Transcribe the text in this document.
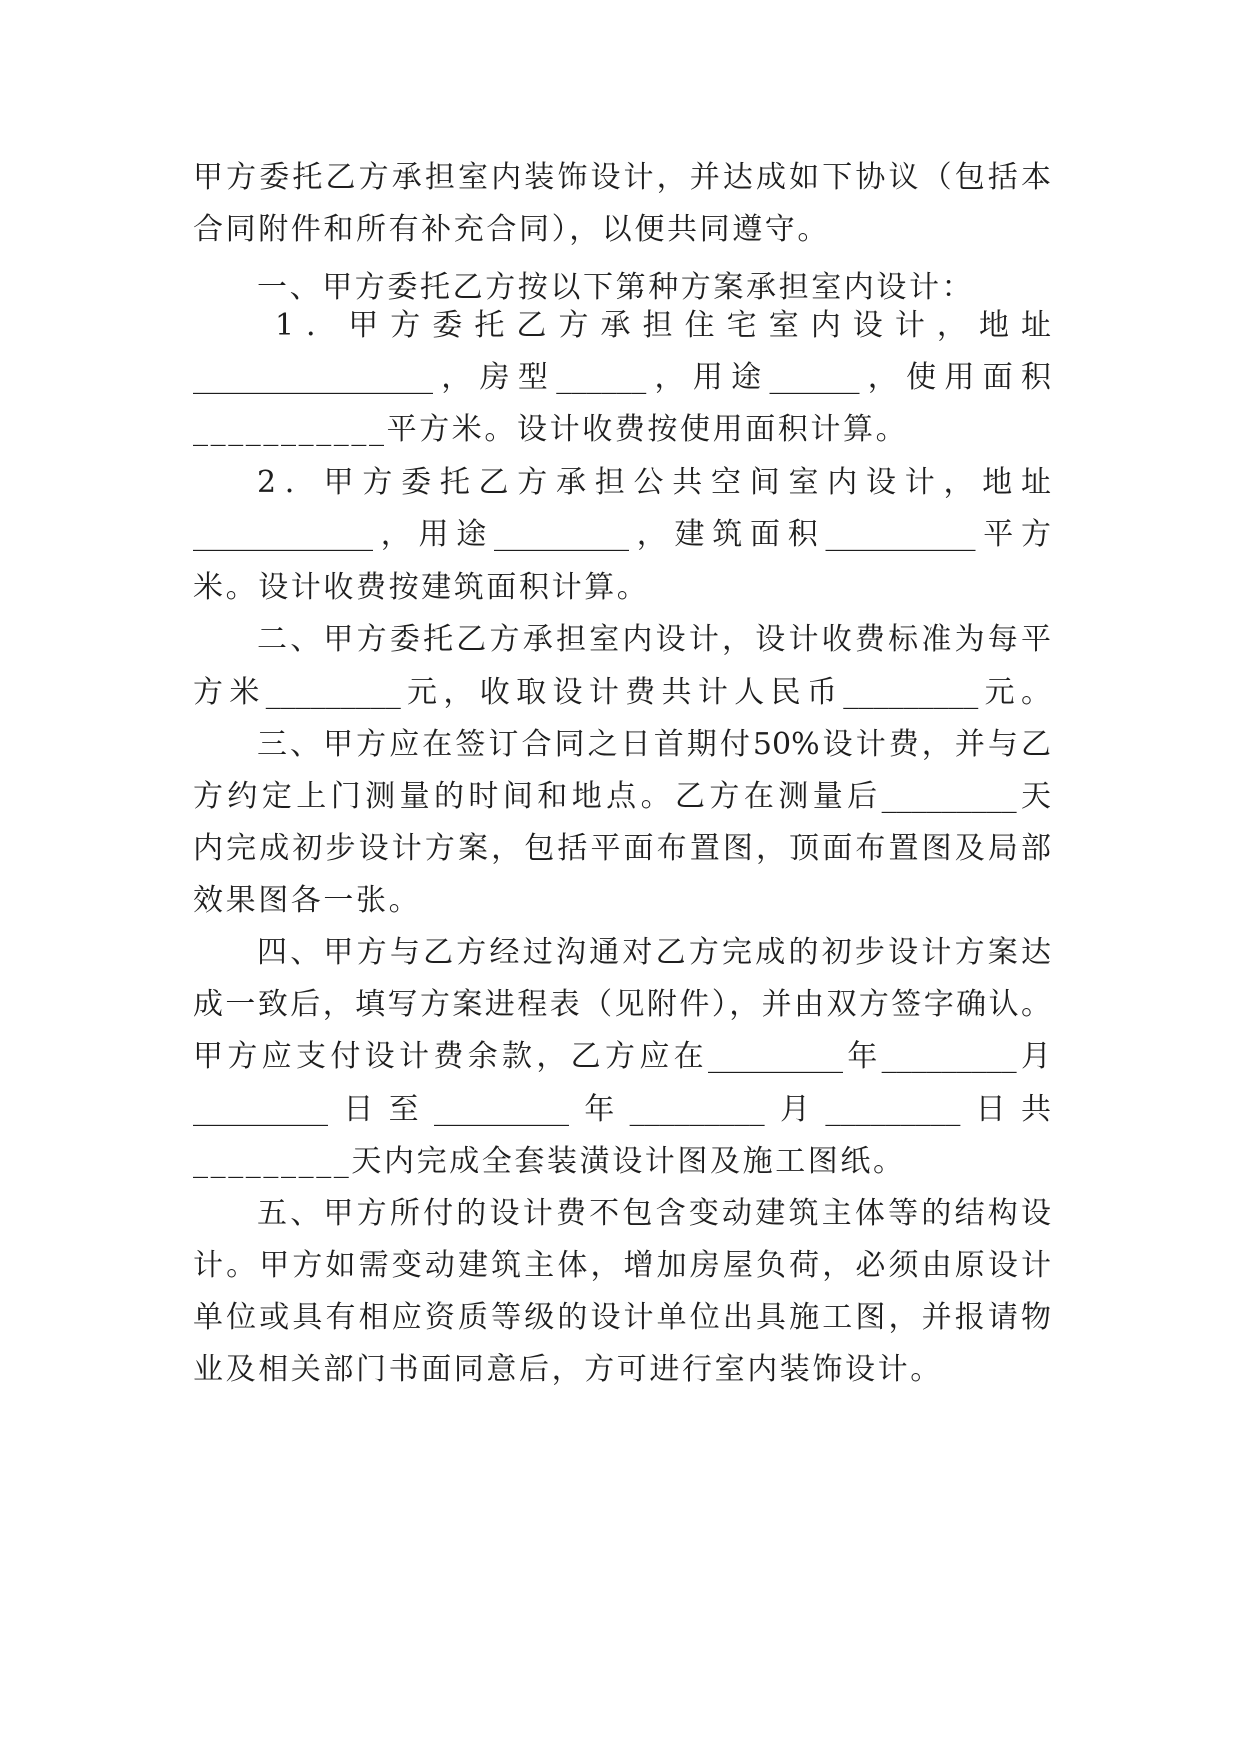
甲方委托乙方承担室内装饰设计，并达成如下协议（包括本
合同附件和所有补充合同），以便共同遵守。
一、甲方委托乙方按以下第种方案承担室内设计：
1．甲方委托乙方承担住宅室内设计，地址
________________，房型______，用途______，使用面积
___________平方米。设计收费按使用面积计算。
2．甲方委托乙方承担公共空间室内设计，地址
____________，用途_________，建筑面积__________平方
米。设计收费按建筑面积计算。
二、甲方委托乙方承担室内设计，设计收费标准为每平
方米_________元，收取设计费共计人民币_________元。
三、甲方应在签订合同之日首期付50%设计费，并与乙
方约定上门测量的时间和地点。乙方在测量后_________天
内完成初步设计方案，包括平面布置图，顶面布置图及局部
效果图各一张。
四、甲方与乙方经过沟通对乙方完成的初步设计方案达
成一致后，填写方案进程表（见附件），并由双方签字确认。
甲方应支付设计费余款，乙方应在_________年_________月
_________日至_________年_________月_________日共
_________天内完成全套装潢设计图及施工图纸。
五、甲方所付的设计费不包含变动建筑主体等的结构设
计。甲方如需变动建筑主体，增加房屋负荷，必须由原设计
单位或具有相应资质等级的设计单位出具施工图，并报请物
业及相关部门书面同意后，方可进行室内装饰设计。
